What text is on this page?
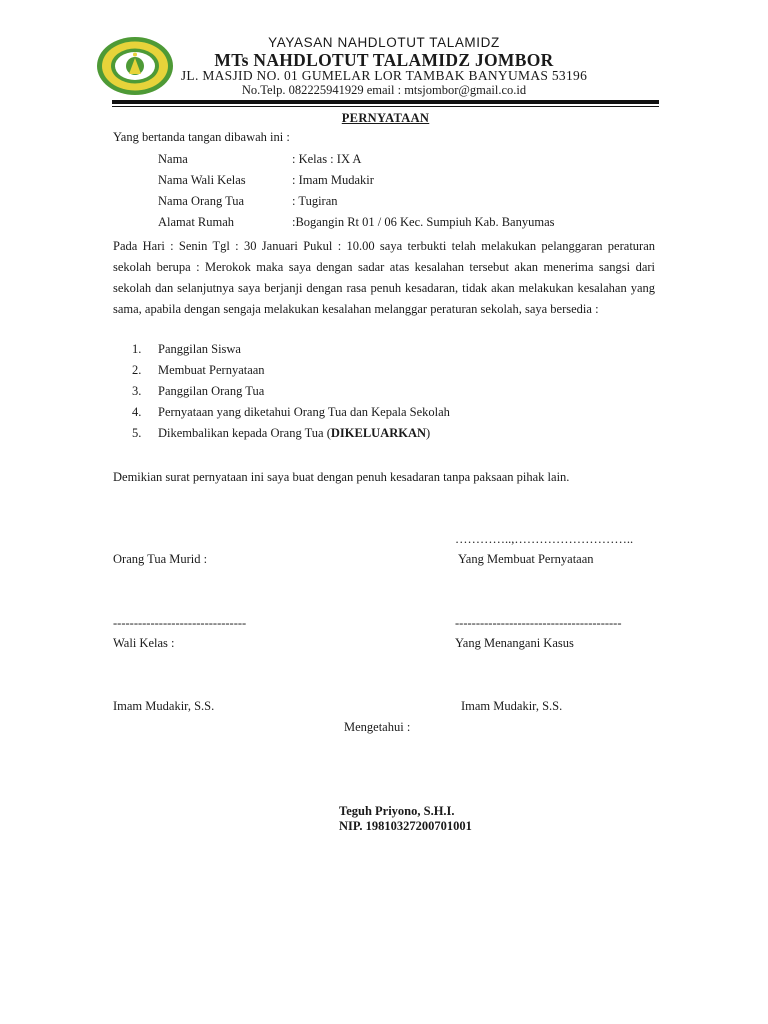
YAYASAN NAHDLOTUT TALAMIDZ
MTs NAHDLOTUT TALAMIDZ JOMBOR
JL. MASJID NO. 01 GUMELAR LOR TAMBAK BANYUMAS 53196
No.Telp. 082225941929 email : mtsjombor@gmail.co.id
PERNYATAAN
Yang bertanda tangan dibawah ini :
Nama	: Kelas : IX A
Nama Wali Kelas	: Imam Mudakir
Nama Orang Tua	: Tugiran
Alamat Rumah	:Bogangin Rt 01 / 06 Kec. Sumpiuh Kab. Banyumas
Pada Hari : Senin Tgl : 30 Januari Pukul : 10.00 saya terbukti telah melakukan pelanggaran peraturan sekolah berupa : Merokok maka saya dengan sadar atas kesalahan tersebut akan menerima sangsi dari sekolah dan selanjutnya saya berjanji dengan rasa penuh kesadaran, tidak akan melakukan kesalahan yang sama, apabila dengan sengaja melakukan kesalahan melanggar peraturan sekolah, saya bersedia :
1. Panggilan Siswa
2. Membuat Pernyataan
3. Panggilan Orang Tua
4. Pernyataan yang diketahui Orang Tua dan Kepala Sekolah
5. Dikembalikan kepada Orang Tua (DIKELUARKAN)
Demikian surat pernyataan ini saya buat dengan penuh kesadaran tanpa paksaan pihak lain.
…………..,………………………..
Orang Tua Murid :	Yang Membuat Pernyataan
--------------------------------	----------------------------------------
Wali Kelas :	Yang Menangani Kasus
Imam Mudakir, S.S.	Imam Mudakir, S.S.
Mengetahui :
Teguh Priyono, S.H.I.
NIP. 19810327200701001
